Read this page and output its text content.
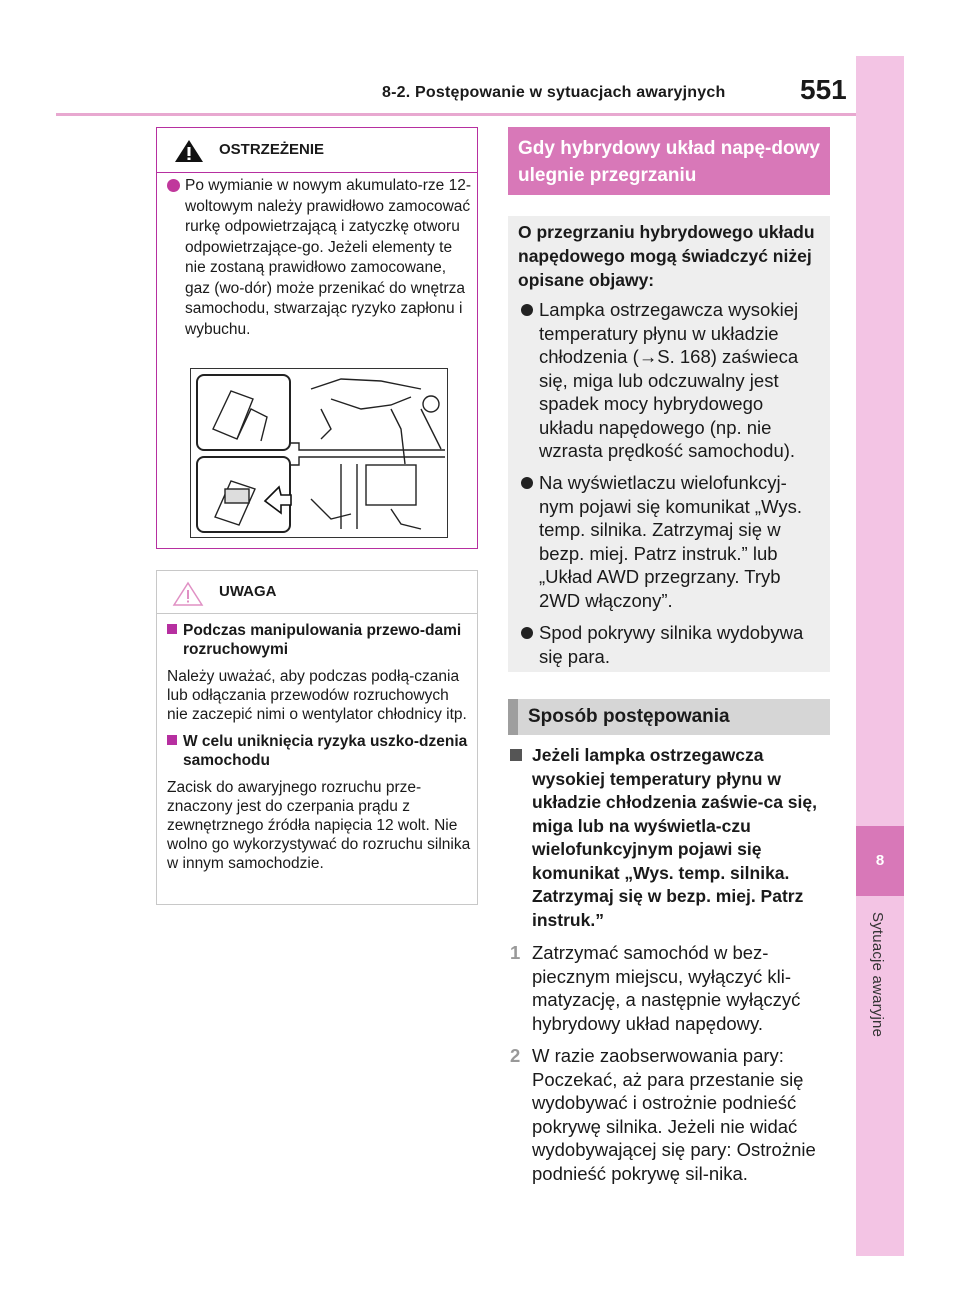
8-2. Postępowanie w sytuacjach awaryjnych	551
8
Sytuacje awaryjne
OSTRZEŻENIE
Po wymianie w nowym akumulato-rze 12-woltowym należy prawidłowo zamocować rurkę odpowietrzającą i zatyczkę otworu odpowietrzające-go. Jeżeli elementy te nie zostaną prawidłowo zamocowane, gaz (wo-dór) może przenikać do wnętrza samochodu, stwarzając ryzyko zapłonu i wybuchu.
UWAGA
Podczas manipulowania przewo-dami rozruchowymi
Należy uważać, aby podczas podłą-czania lub odłączania przewodów rozruchowych nie zaczepić nimi o wentylator chłodnicy itp.
W celu uniknięcia ryzyka uszko-dzenia samochodu
Zacisk do awaryjnego rozruchu prze-znaczony jest do czerpania prądu z zewnętrznego źródła napięcia 12 wolt. Nie wolno go wykorzystywać do rozruchu silnika w innym samochodzie.
Gdy hybrydowy układ napę-dowy ulegnie przegrzaniu
O przegrzaniu hybrydowego układu napędowego mogą świadczyć niżej opisane objawy:
Lampka ostrzegawcza wysokiej temperatury płynu w układzie chłodzenia (→S. 168) zaświeca się, miga lub odczuwalny jest spadek mocy hybrydowego układu napędowego (np. nie wzrasta prędkość samochodu).
Na wyświetlaczu wielofunkcyj-nym pojawi się komunikat „Wys. temp. silnika. Zatrzymaj się w bezp. miej. Patrz instruk.” lub „Układ AWD przegrzany. Tryb 2WD włączony”.
Spod pokrywy silnika wydobywa się para.
Sposób postępowania
Jeżeli lampka ostrzegawcza wysokiej temperatury płynu w układzie chłodzenia zaświe-ca się, miga lub na wyświetla-czu wielofunkcyjnym pojawi się komunikat „Wys. temp. silnika. Zatrzymaj się w bezp. miej. Patrz instruk.”
1 Zatrzymać samochód w bez-piecznym miejscu, wyłączyć kli-matyzację, a następnie wyłączyć hybrydowy układ napędowy.
2 W razie zaobserwowania pary: Poczekać, aż para przestanie się wydobywać i ostrożnie podnieść pokrywę silnika. Jeżeli nie widać wydobywającej się pary: Ostrożnie podnieść pokrywę sil-nika.
